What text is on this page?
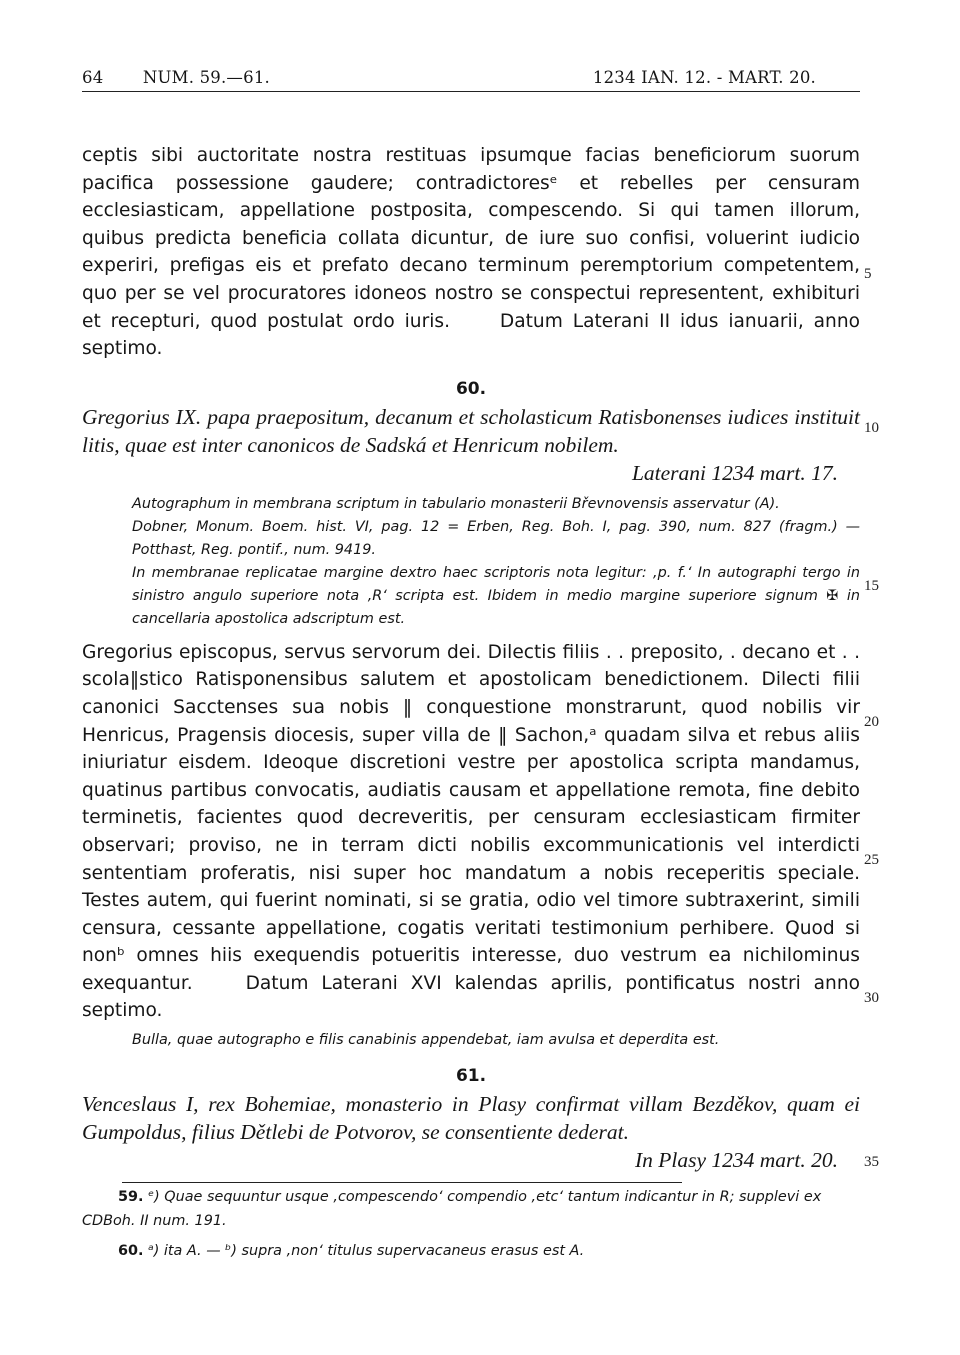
64 NUM. 59.—61.	1234 IAN. 12. - MART. 20.

ceptis sibi auctoritate nostra restituas ipsumque facias beneficiorum suorum pacifica possessione gaudere; contradictoresᵉ et rebelles per censuram ecclesiasticam, appellatione postposita, compescendo. Si qui tamen illorum, quibus predicta beneficia collata dicuntur, de iure suo confisi, voluerint iudicio experiri, prefigas eis et prefato decano terminum peremptorium competentem, quo per se vel procuratores idoneos nostro se conspectui representent, exhibituri et recepturi, quod postulat ordo iuris.	Datum Laterani II idus ianuarii, anno septimo.

60.

Gregorius IX. papa praepositum, decanum et scholasticum Ratisbonenses iudices instituit litis, quae est inter canonicos de Sadská et Henricum nobilem.

Laterani 1234 mart. 17.

Autographum in membrana scriptum in tabulario monasterii Břevnovensis asservatur (A).

Dobner, Monum. Boem. hist. VI, pag. 12 = Erben, Reg. Boh. I, pag. 390, num. 827 (fragm.) — Potthast, Reg. pontif., num. 9419.

In membranae replicatae margine dextro haec scriptoris nota legitur: ‚p. f.‘ In autographi tergo in sinistro angulo superiore nota ‚R‘ scripta est. Ibidem in medio margine superiore signum ✠ in cancellaria apostolica adscriptum est.

Gregorius episcopus, servus servorum dei. Dilectis filiis . . preposito, . decano et . . scola‖stico Ratisponensibus salutem et apostolicam benedictionem. Dilecti filii canonici Sacctenses sua nobis ‖ conquestione monstrarunt, quod nobilis vir Henricus, Pragensis diocesis, super villa de ‖ Sachon,ᵃ quadam silva et rebus aliis iniuriatur eisdem. Ideoque discretioni vestre per apostolica scripta mandamus, quatinus partibus convocatis, audiatis causam et appellatione remota, fine debito terminetis, facientes quod decreveritis, per censuram ecclesiasticam firmiter observari; proviso, ne in terram dicti nobilis excommunicationis vel interdicti sententiam proferatis, nisi super hoc mandatum a nobis receperitis speciale. Testes autem, qui fuerint nominati, si se gratia, odio vel timore subtraxerint, simili censura, cessante appellatione, cogatis veritati testimonium perhibere. Quod si nonᵇ omnes hiis exequendis potueritis interesse, duo vestrum ea nichilominus exequantur.	Datum Laterani XVI kalendas aprilis, pontificatus nostri anno septimo.

Bulla, quae autographo e filis canabinis appendebat, iam avulsa et deperdita est.

61.

Venceslaus I, rex Bohemiae, monasterio in Plasy confirmat villam Bezděkov, quam ei Gumpoldus, filius Dětlebi de Potvorov, se consentiente dederat.

In Plasy 1234 mart. 20.

59. ᵉ) Quae sequuntur usque ‚compescendo‘ compendio ‚etc‘ tantum indicantur in R; supplevi ex CDBoh. II num. 191.
60. ᵃ) ita A. — ᵇ) supra ‚non‘ titulus supervacaneus erasus est A.
5
10
15
20
25
30
35
